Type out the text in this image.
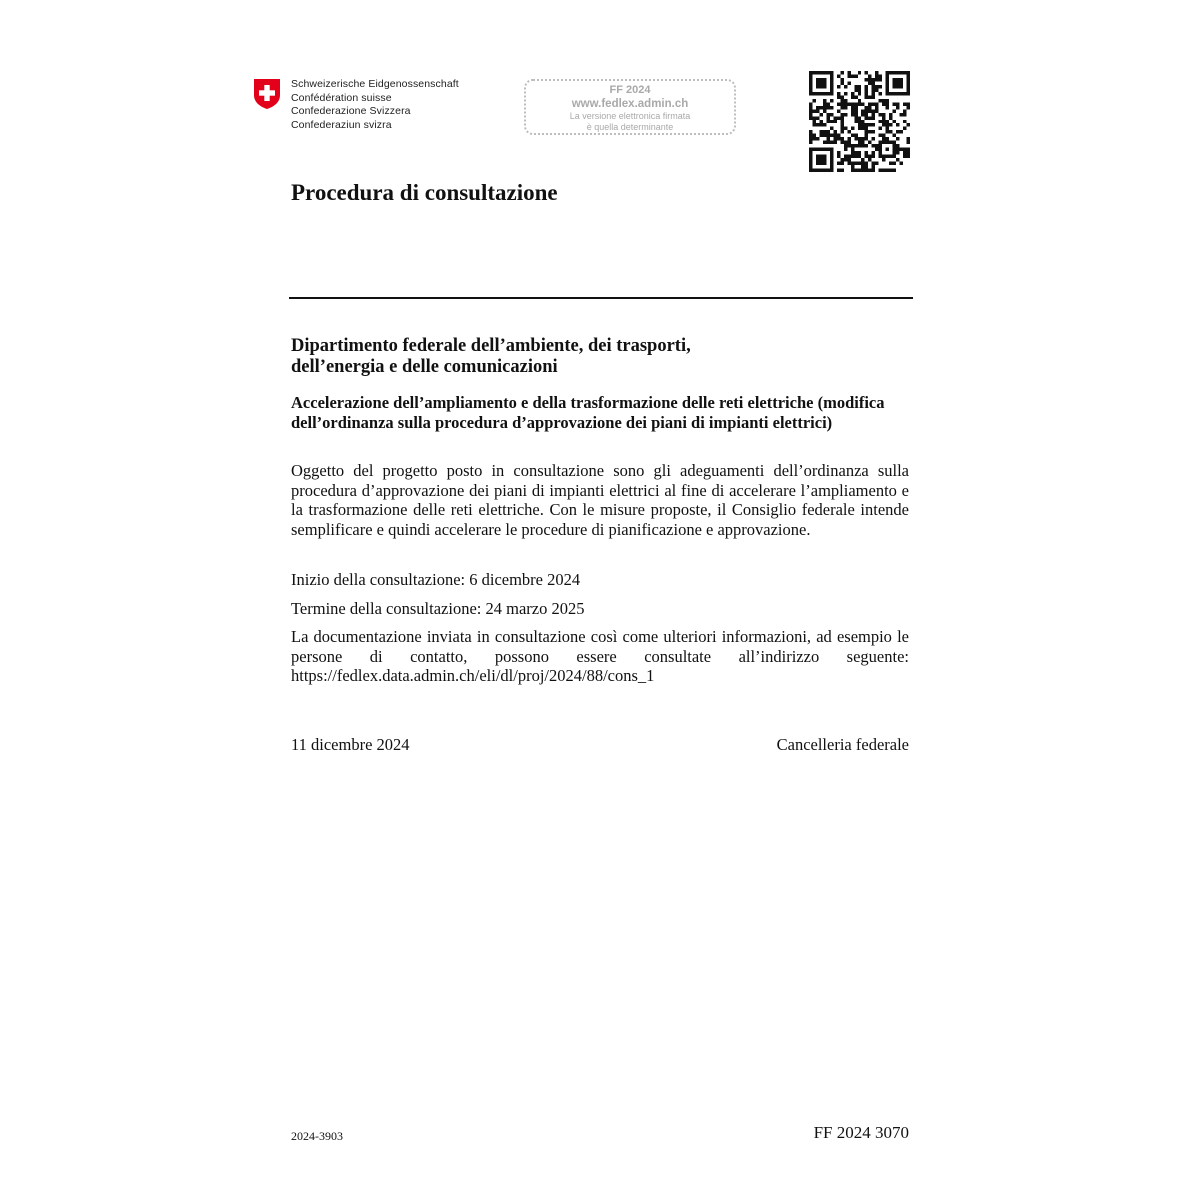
Schweizerische Eidgenossenschaft
Confédération suisse
Confederazione Svizzera
Confederaziun svizra
FF 2024
www.fedlex.admin.ch
La versione elettronica firmata
è quella determinante
Procedura di consultazione
Dipartimento federale dell’ambiente, dei trasporti,
dell’energia e delle comunicazioni
Accelerazione dell’ampliamento e della trasformazione delle reti elettriche (modifica dell’ordinanza sulla procedura d’approvazione dei piani di impianti elettrici)
Oggetto del progetto posto in consultazione sono gli adeguamenti dell’ordinanza sulla procedura d’approvazione dei piani di impianti elettrici al fine di accelerare l’ampliamento e la trasformazione delle reti elettriche. Con le misure proposte, il Consiglio federale intende semplificare e quindi accelerare le procedure di pianificazione e approvazione.
Inizio della consultazione: 6 dicembre 2024
Termine della consultazione: 24 marzo 2025
La documentazione inviata in consultazione così come ulteriori informazioni, ad esempio le persone di contatto, possono essere consultate all’indirizzo seguente: https://fedlex.data.admin.ch/eli/dl/proj/2024/88/cons_1
11 dicembre 2024	Cancelleria federale
2024-3903	FF 2024 3070
